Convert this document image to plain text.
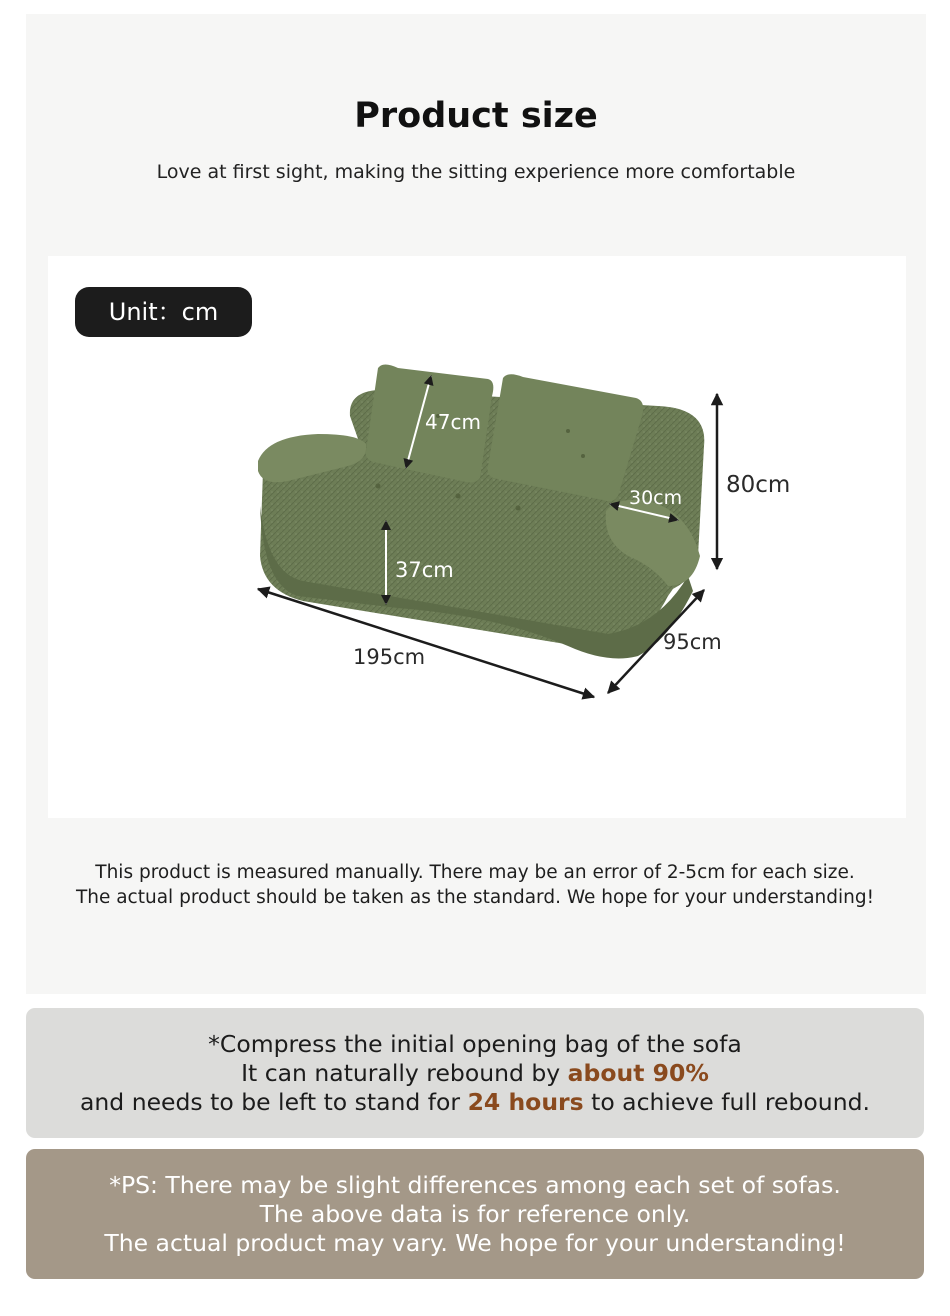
Product size
Love at first sight, making the sitting experience more comfortable
47cm
80cm
30cm
37cm
195cm
95cm
Unit：cm
This product is measured manually. There may be an error of 2-5cm for each size.
The actual product should be taken as the standard. We hope for your understanding!
*Compress the initial opening bag of the sofa
It can naturally rebound by about 90%
and needs to be left to stand for 24 hours to achieve full rebound.
*PS: There may be slight differences among each set of sofas.
The above data is for reference only.
The actual product may vary. We hope for your understanding!
